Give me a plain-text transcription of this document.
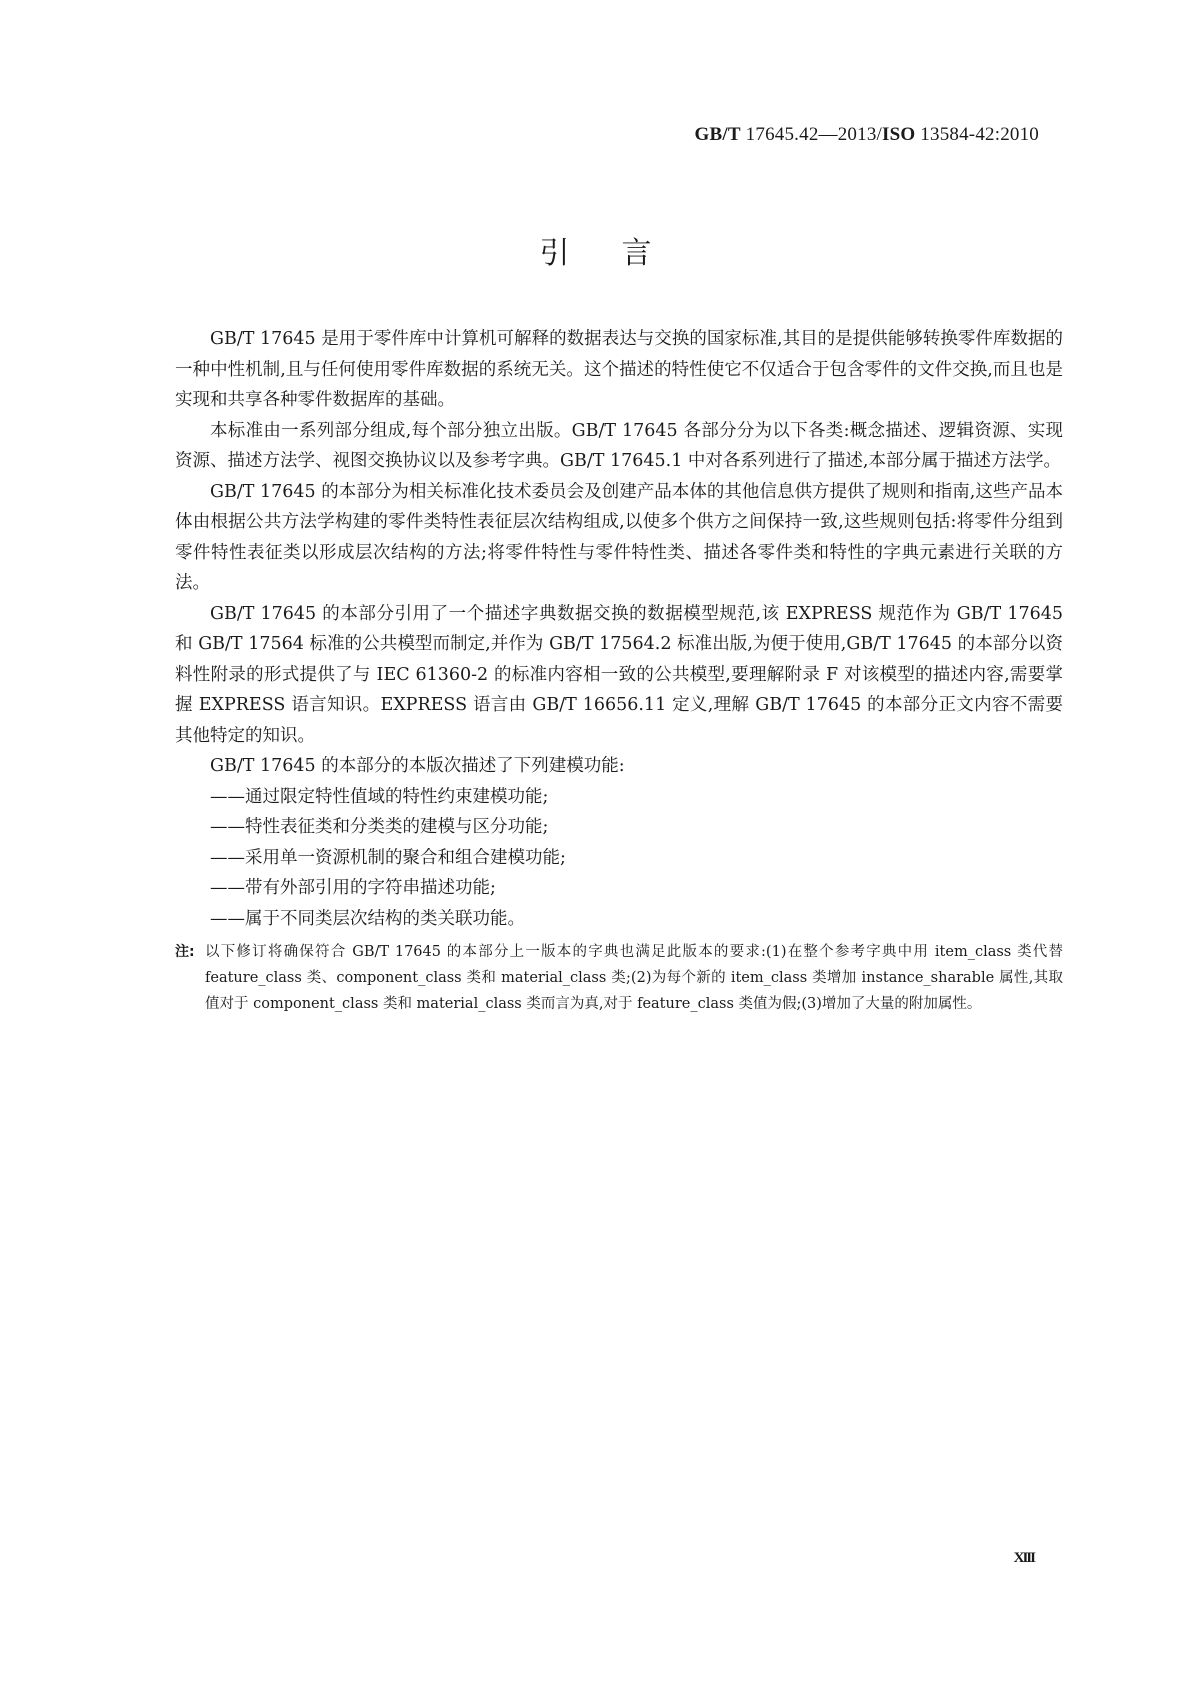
GB/T 17645.42—2013/ISO 13584-42:2010
引言

GB/T 17645 是用于零件库中计算机可解释的数据表达与交换的国家标准,其目的是提供能够转换零件库数据的一种中性机制,且与任何使用零件库数据的系统无关。这个描述的特性使它不仅适合于包含零件的文件交换,而且也是实现和共享各种零件数据库的基础。

本标准由一系列部分组成,每个部分独立出版。GB/T 17645 各部分分为以下各类:概念描述、逻辑资源、实现资源、描述方法学、视图交换协议以及参考字典。GB/T 17645.1 中对各系列进行了描述,本部分属于描述方法学。

GB/T 17645 的本部分为相关标准化技术委员会及创建产品本体的其他信息供方提供了规则和指南,这些产品本体由根据公共方法学构建的零件类特性表征层次结构组成,以使多个供方之间保持一致,这些规则包括:将零件分组到零件特性表征类以形成层次结构的方法;将零件特性与零件特性类、描述各零件类和特性的字典元素进行关联的方法。

GB/T 17645 的本部分引用了一个描述字典数据交换的数据模型规范,该 EXPRESS 规范作为 GB/T 17645 和 GB/T 17564 标准的公共模型而制定,并作为 GB/T 17564.2 标准出版,为便于使用,GB/T 17645 的本部分以资料性附录的形式提供了与 IEC 61360-2 的标准内容相一致的公共模型,要理解附录 F 对该模型的描述内容,需要掌握 EXPRESS 语言知识。EXPRESS 语言由 GB/T 16656.11 定义,理解 GB/T 17645 的本部分正文内容不需要其他特定的知识。

GB/T 17645 的本部分的本版次描述了下列建模功能:

——通过限定特性值域的特性约束建模功能;

——特性表征类和分类类的建模与区分功能;

——采用单一资源机制的聚合和组合建模功能;

——带有外部引用的字符串描述功能;

——属于不同类层次结构的类关联功能。

注: 以下修订将确保符合 GB/T 17645 的本部分上一版本的字典也满足此版本的要求:(1)在整个参考字典中用 item_class 类代替 feature_class 类、component_class 类和 material_class 类;(2)为每个新的 item_class 类增加 instance_sharable 属性,其取值对于 component_class 类和 material_class 类而言为真,对于 feature_class 类值为假;(3)增加了大量的附加属性。
XIII
